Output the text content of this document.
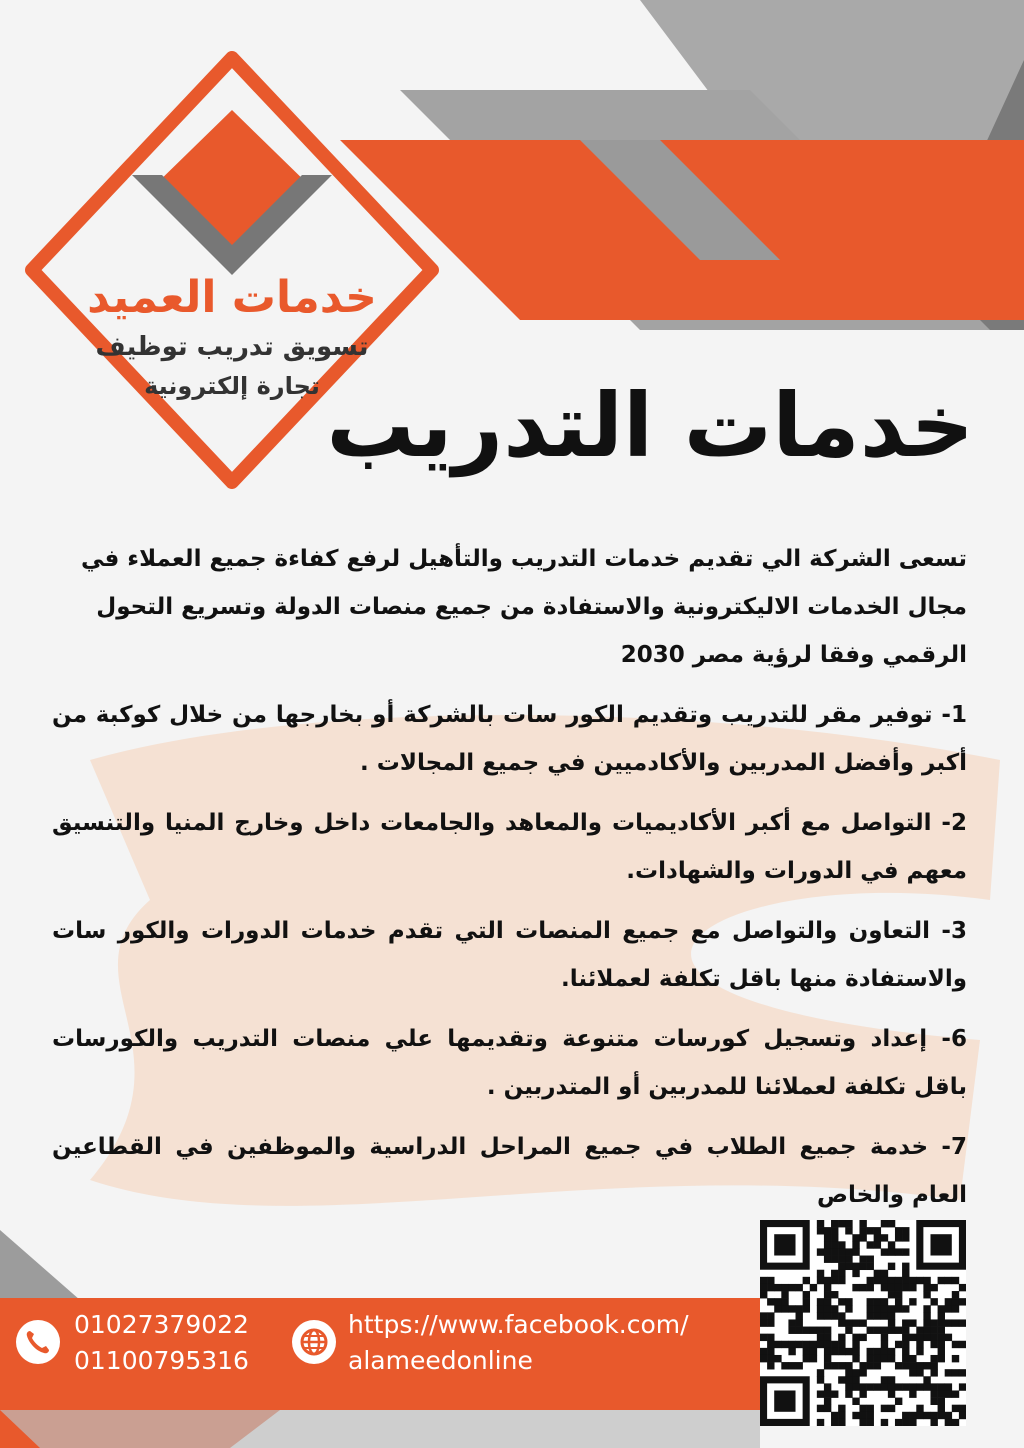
خدمات العميد
تسويق تدريب توظيف
تجارة إلكترونية خدمات التدريب

تسعى الشركة الي تقديم خدمات التدريب والتأهيل لرفع كفاءة جميع العملاء في مجال الخدمات الاليكترونية والاستفادة من جميع منصات الدولة وتسريع التحول الرقمي وفقا لرؤية مصر 2030

1- توفير مقر للتدريب وتقديم الكور سات بالشركة أو بخارجها من خلال كوكبة من أكبر وأفضل المدربين والأكادميين في جميع المجالات .

2- التواصل مع أكبر الأكاديميات والمعاهد والجامعات داخل وخارج المنيا والتنسيق معهم في الدورات والشهادات.

3- التعاون والتواصل مع جميع المنصات التي تقدم خدمات الدورات والكور سات والاستفادة منها باقل تكلفة لعملائنا.

6- إعداد وتسجيل كورسات متنوعة وتقديمها علي منصات التدريب والكورسات باقل تكلفة لعملائنا للمدربين أو المتدربين .

7- خدمة جميع الطلاب في جميع المراحل الدراسية والموظفين في القطاعين العام والخاص

01027379022
01100795316
https://www.facebook.com/
alameedonline
